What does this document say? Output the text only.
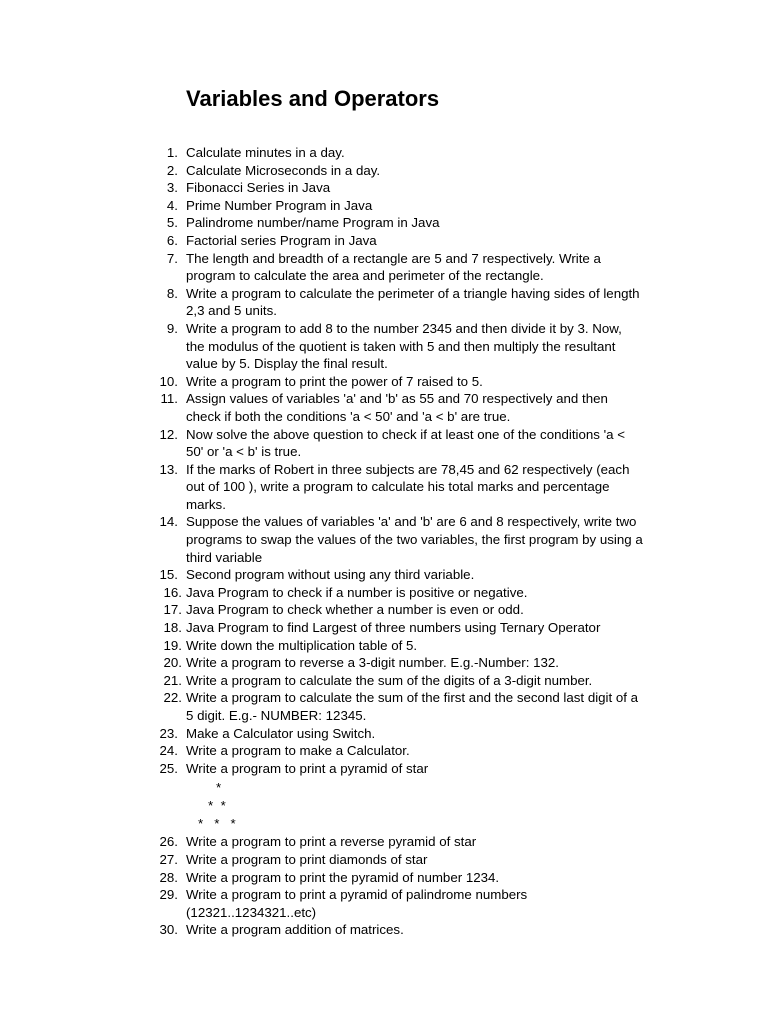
Variables and Operators
1. Calculate minutes in a day.
2. Calculate Microseconds in a day.
3. Fibonacci Series in Java
4. Prime Number Program in Java
5. Palindrome number/name Program in Java
6. Factorial series Program in Java
7. The length and breadth of a rectangle are 5 and 7 respectively. Write a
program to calculate the area and perimeter of the rectangle.
8. Write a program to calculate the perimeter of a triangle having sides of length
2,3 and 5 units.
9. Write a program to add 8 to the number 2345 and then divide it by 3. Now,
the modulus of the quotient is taken with 5 and then multiply the resultant
value by 5. Display the final result.
10. Write a program to print the power of 7 raised to 5.
11. Assign values of variables 'a' and 'b' as 55 and 70 respectively and then
check if both the conditions 'a < 50' and 'a < b' are true.
12. Now solve the above question to check if at least one of the conditions 'a <
50' or 'a < b' is true.
13. If the marks of Robert in three subjects are 78,45 and 62 respectively (each
out of 100 ), write a program to calculate his total marks and percentage
marks.
14. Suppose the values of variables 'a' and 'b' are 6 and 8 respectively, write two
programs to swap the values of the two variables, the first program by using a
third variable
15. Second program without using any third variable.
16. Java Program to check if a number is positive or negative.
17. Java Program to check whether a number is even or odd.
18. Java Program to find Largest of three numbers using Ternary Operator
19. Write down the multiplication table of 5.
20. Write a program to reverse a 3-digit number. E.g.-Number: 132.
21. Write a program to calculate the sum of the digits of a 3-digit number.
22. Write a program to calculate the sum of the first and the second last digit of a
5 digit. E.g.- NUMBER: 12345.
23. Make a Calculator using Switch.
24. Write a program to make a Calculator.
25. Write a program to print a pyramid of star
*
*  *
*   *   *
26. Write a program to print a reverse pyramid of star
27. Write a program to print diamonds of star
28. Write a program to print the pyramid of number 1234.
29. Write a program to print a pyramid of palindrome numbers
(12321..1234321..etc)
30. Write a program addition of matrices.
